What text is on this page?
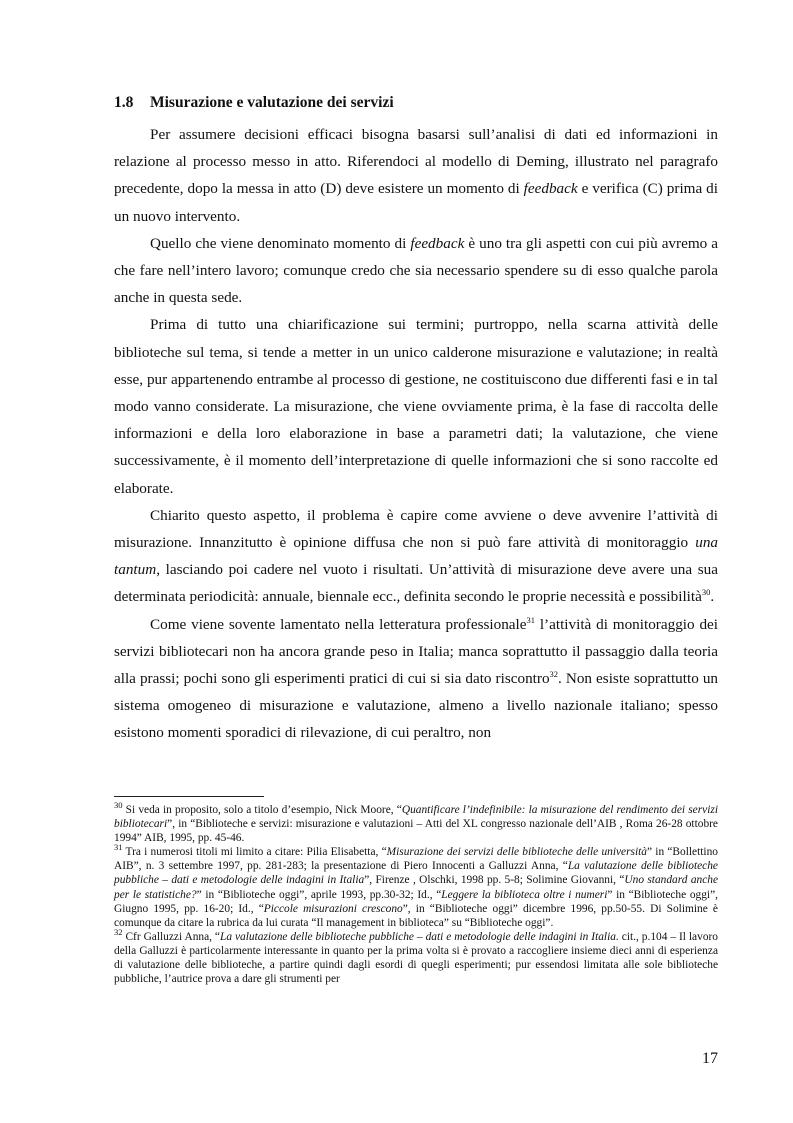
1.8 Misurazione e valutazione dei servizi

Per assumere decisioni efficaci bisogna basarsi sull’analisi di dati ed informazioni in relazione al processo messo in atto. Riferendoci al modello di Deming, illustrato nel paragrafo precedente, dopo la messa in atto (D) deve esistere un momento di feedback e verifica (C) prima di un nuovo intervento.

Quello che viene denominato momento di feedback è uno tra gli aspetti con cui più avremo a che fare nell’intero lavoro; comunque credo che sia necessario spendere su di esso qualche parola anche in questa sede.

Prima di tutto una chiarificazione sui termini; purtroppo, nella scarna attività delle biblioteche sul tema, si tende a metter in un unico calderone misurazione e valutazione; in realtà esse, pur appartenendo entrambe al processo di gestione, ne costituiscono due differenti fasi e in tal modo vanno considerate. La misurazione, che viene ovviamente prima, è la fase di raccolta delle informazioni e della loro elaborazione in base a parametri dati; la valutazione, che viene successivamente, è il momento dell’interpretazione di quelle informazioni che si sono raccolte ed elaborate.

Chiarito questo aspetto, il problema è capire come avviene o deve avvenire l’attività di misurazione. Innanzitutto è opinione diffusa che non si può fare attività di monitoraggio una tantum, lasciando poi cadere nel vuoto i risultati. Un’attività di misurazione deve avere una sua determinata periodicità: annuale, biennale ecc., definita secondo le proprie necessità e possibilità$^{30}$.

Come viene sovente lamentato nella letteratura professionale$^{31}$ l’attività di monitoraggio dei servizi bibliotecari non ha ancora grande peso in Italia; manca soprattutto il passaggio dalla teoria alla prassi; pochi sono gli esperimenti pratici di cui si sia dato riscontro$^{32}$. Non esiste soprattutto un sistema omogeneo di misurazione e valutazione, almeno a livello nazionale italiano; spesso esistono momenti sporadici di rilevazione, di cui peraltro, non

$^{30}$ Si veda in proposito, solo a titolo d’esempio, Nick Moore, “Quantificare l’indefinibile: la misurazione del rendimento dei servizi bibliotecari”, in “Biblioteche e servizi: misurazione e valutazioni – Atti del XL congresso nazionale dell’AIB , Roma 26-28 ottobre 1994” AIB, 1995, pp. 45-46.

$^{31}$ Tra i numerosi titoli mi limito a citare: Pilia Elisabetta, “Misurazione dei servizi delle biblioteche delle università” in “Bollettino AIB”, n. 3 settembre 1997, pp. 281-283; la presentazione di Piero Innocenti a Galluzzi Anna, “La valutazione delle biblioteche pubbliche – dati e metodologie delle indagini in Italia”, Firenze , Olschki, 1998 pp. 5-8; Solimine Giovanni, “Uno standard anche per le statistiche?” in “Biblioteche oggi”, aprile 1993, pp.30-32; Id., “Leggere la biblioteca oltre i numeri” in “Biblioteche oggi”, Giugno 1995, pp. 16-20; Id., “Piccole misurazioni crescono”, in “Biblioteche oggi” dicembre 1996, pp.50-55. Di Solimine è comunque da citare la rubrica da lui curata “Il management in biblioteca” su “Biblioteche oggi”.

$^{32}$ Cfr Galluzzi Anna, “La valutazione delle biblioteche pubbliche – dati e metodologie delle indagini in Italia. cit., p.104 – Il lavoro della Galluzzi è particolarmente interessante in quanto per la prima volta si è provato a raccogliere insieme dieci anni di esperienza di valutazione delle biblioteche, a partire quindi dagli esordi di quegli esperimenti; pur essendosi limitata alle sole biblioteche pubbliche, l’autrice prova a dare gli strumenti per

17
